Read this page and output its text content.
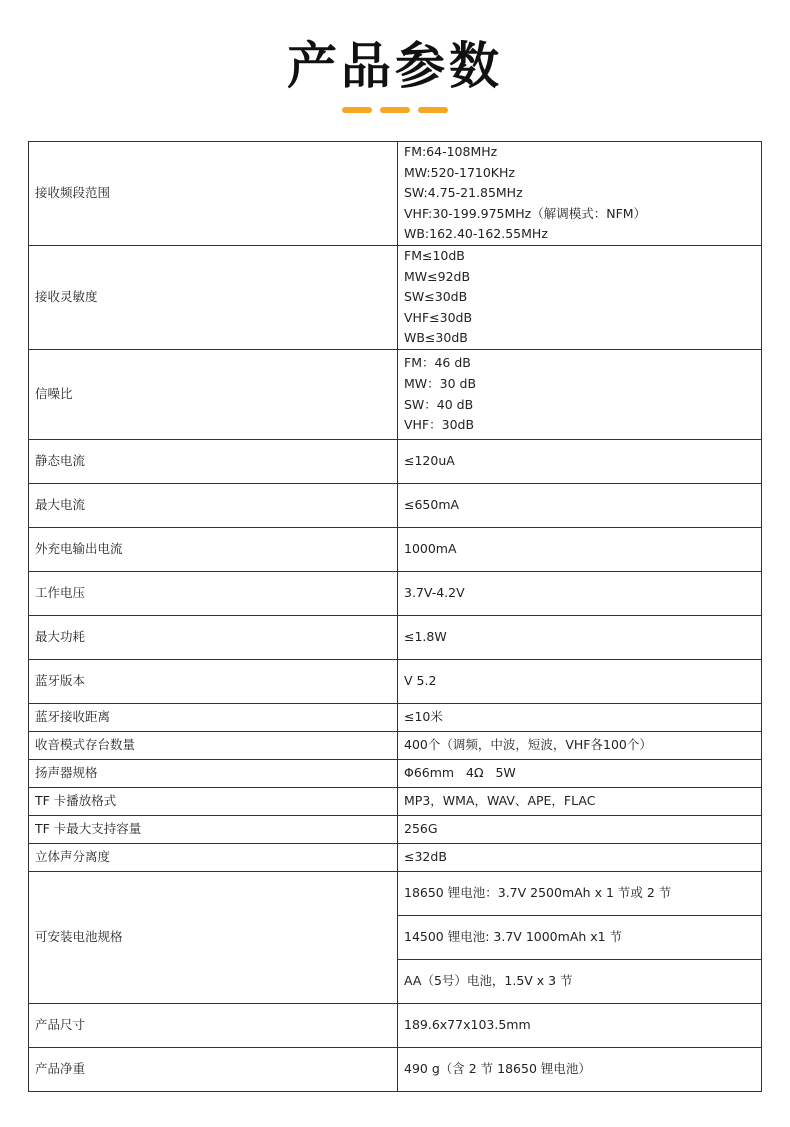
产品参数
接收频段范围	FM:64-108MHz
MW:520-1710KHz
SW:4.75-21.85MHz
VHF:30-199.975MHz（解调模式：NFM）
WB:162.40-162.55MHz

接收灵敏度	FM≤10dB
MW≤92dB
SW≤30dB
VHF≤30dB
WB≤30dB

信噪比	FM：46 dB
MW：30 dB
SW：40 dB
VHF：30dB

静态电流	≤120uA
最大电流	≤650mA
外充电输出电流	1000mA
工作电压	3.7V-4.2V
最大功耗	≤1.8W
蓝牙版本	V 5.2
蓝牙接收距离	≤10米
收音模式存台数量	400个（调频，中波，短波，VHF各100个）
扬声器规格	Φ66mm   4Ω   5W
TF 卡播放格式	MP3，WMA，WAV、APE，FLAC
TF 卡最大支持容量	256G
立体声分离度	≤32dB
可安装电池规格	18650 锂电池：3.7V 2500mAh x 1 节或 2 节
	14500 锂电池: 3.7V 1000mAh x1 节
	AA（5号）电池，1.5V x 3 节
产品尺寸	189.6x77x103.5mm
产品净重	490 g（含 2 节 18650 锂电池）
